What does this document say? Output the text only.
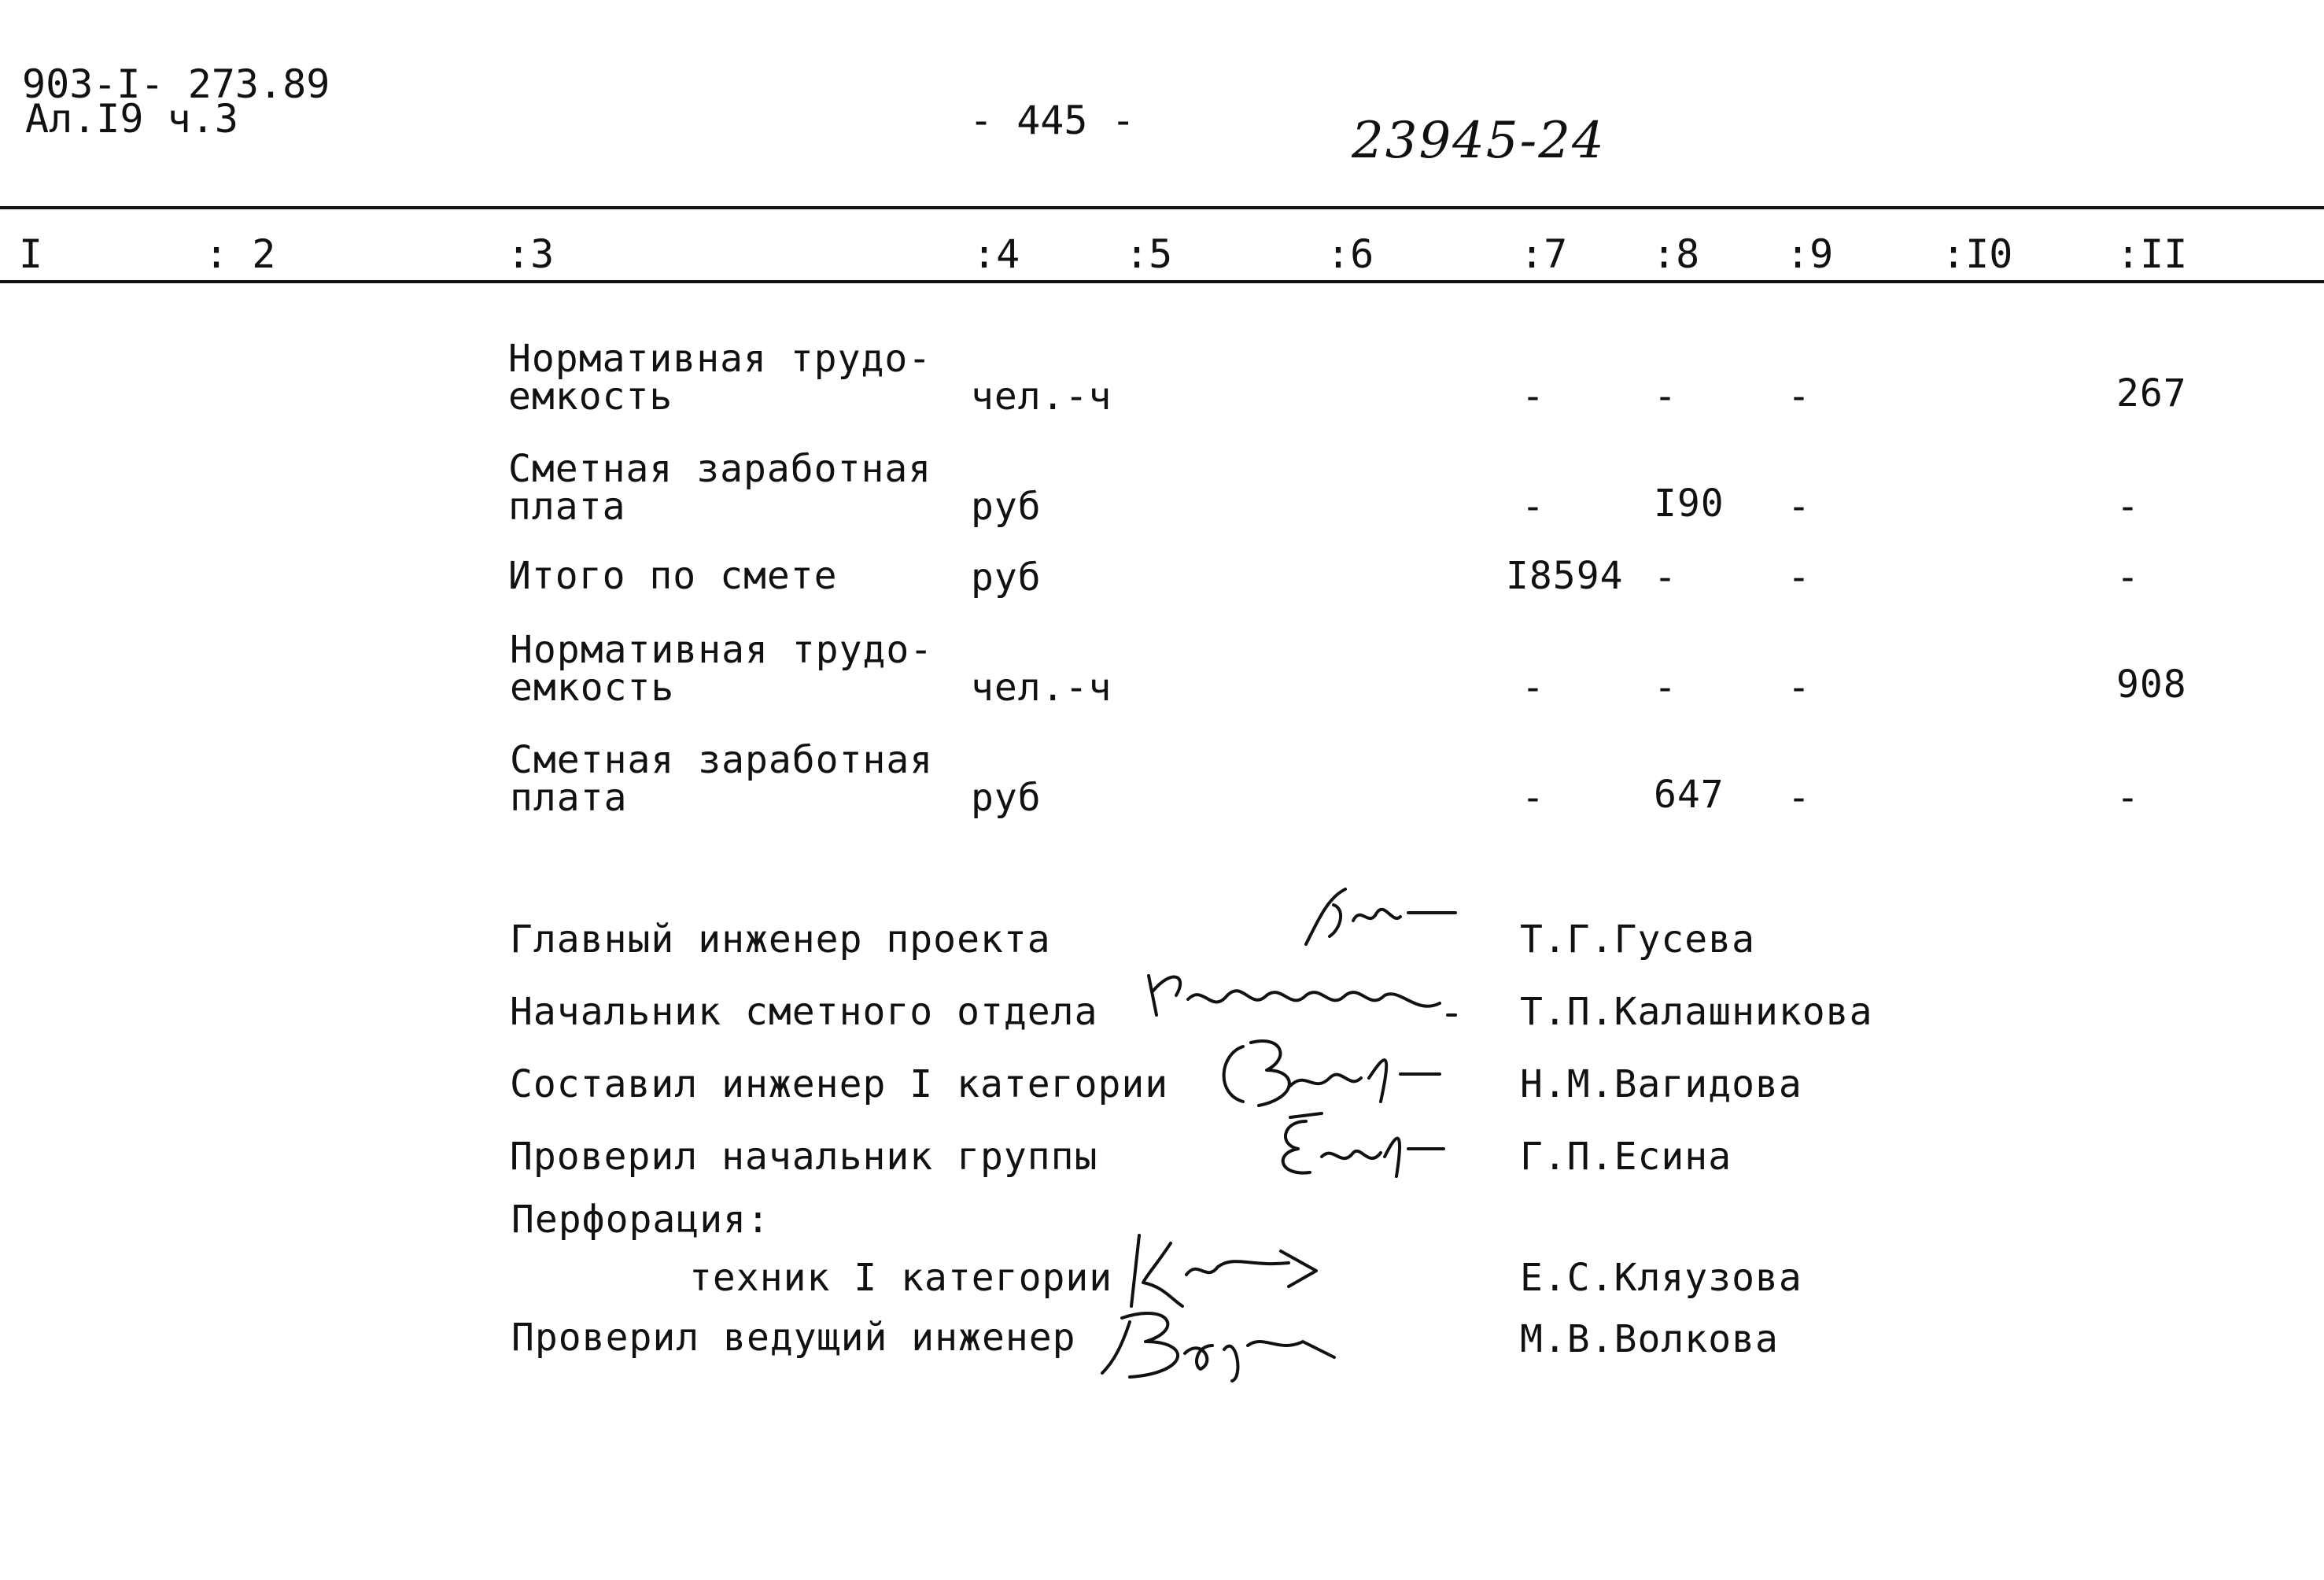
903-I- 273.89
Ал.I9 ч.3	- 445 -	23945-24
I	: 2	:3	:4	:5	:6	:7 :8 :9	:I0	:II
Нормативная трудо-
емкость	чел.-ч	-	-	-	267
Сметная заработная
плата	руб	-	I90 -	-
Итого по смете	руб	I8594 -	-	-
Нормативная трудо-
емкость	чел.-ч	-	-	-	908
Сметная заработная
плата	руб	-	647 -	-
Главный инженер проекта	Т.Г.Гусева
Начальник сметного отдела	Т.П.Калашникова
Составил инженер I категории	Н.М.Вагидова
Проверил начальник группы	Г.П.Есина
Перфорация:
техник I категории	Е.С.Кляузова
Проверил ведущий инженер	М.В.Волкова
